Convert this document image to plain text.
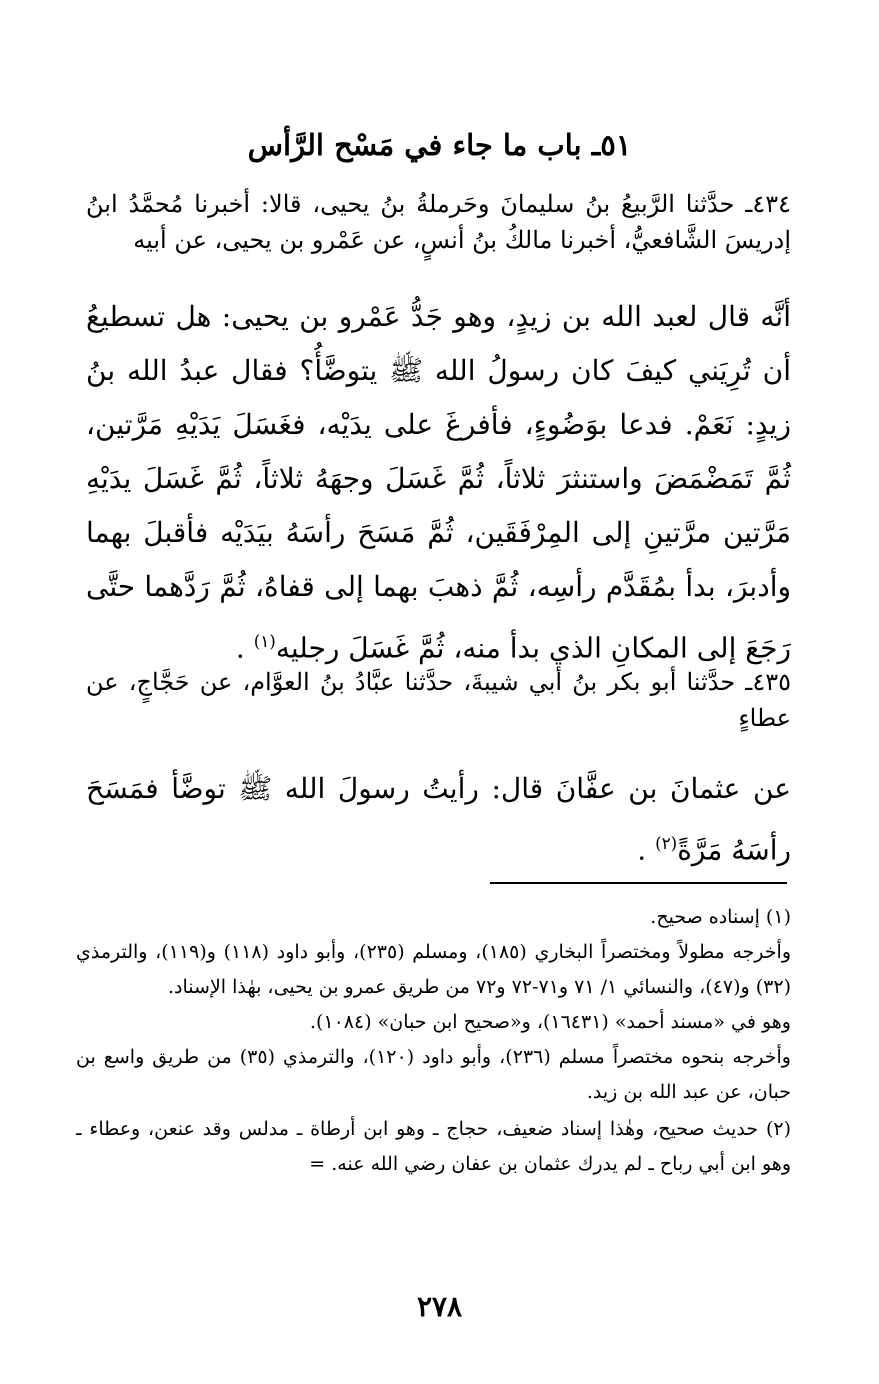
٥١ـ باب ما جاء في مَسْح الرَّأس
٤٣٤ـ حدَّثنا الرَّبيعُ بنُ سليمانَ وحَرملةُ بنُ يحيى، قالا: أخبرنا مُحمَّدُ ابنُ إدريسَ الشَّافعيُّ، أخبرنا مالكُ بنُ أنسٍ، عن عَمْرو بن يحيى، عن أبيه
أنَّه قال لعبد الله بن زيدٍ، وهو جَدُّ عَمْرو بن يحيى: هل تسطيعُ أن تُرِيَني كيفَ كان رسولُ الله ﷺ يتوضَّأُ؟ فقال عبدُ الله بنُ زيدٍ: نَعَمْ. فدعا بوَضُوءٍ، فأفرغَ على يدَيْه، فغَسَلَ يَدَيْهِ مَرَّتين، ثُمَّ تَمَضْمَضَ واستنثرَ ثلاثاً، ثُمَّ غَسَلَ وجهَهُ ثلاثاً، ثُمَّ غَسَلَ يدَيْهِ مَرَّتين مرَّتينِ إلى المِرْفَقَين، ثُمَّ مَسَحَ رأسَهُ بيَدَيْه فأقبلَ بهما وأدبرَ، بدأ بمُقَدَّم رأسِه، ثُمَّ ذهبَ بهما إلى قفاهُ، ثُمَّ رَدَّهما حتَّى رَجَعَ إلى المكانِ الذي بدأ منه، ثُمَّ غَسَلَ رجليه$^{(١)}$ .
٤٣٥ـ حدَّثنا أبو بكر بنُ أبي شيبةَ، حدَّثنا عبَّادُ بنُ العوَّام، عن حَجَّاجٍ، عن عطاءٍ
عن عثمانَ بن عفَّانَ قال: رأيتُ رسولَ الله ﷺ توضَّأ فمَسَحَ رأسَهُ مَرَّةً$^{(٢)}$ .
(١) إسناده صحيح.
وأخرجه مطولاً ومختصراً البخاري (١٨٥)، ومسلم (٢٣٥)، وأبو داود (١١٨) و(١١٩)، والترمذي (٣٢) و(٤٧)، والنسائي ١/ ٧١ و٧١-٧٢ و٧٢ من طريق عمرو بن يحيى، بهٰذا الإسناد.
وهو في «مسند أحمد» (١٦٤٣١)، و«صحيح ابن حبان» (١٠٨٤).
وأخرجه بنحوه مختصراً مسلم (٢٣٦)، وأبو داود (١٢٠)، والترمذي (٣٥) من طريق واسع بن حبان، عن عبد الله بن زيد.
(٢) حديث صحيح، وهٰذا إسناد ضعيف، حجاج ـ وهو ابن أرطاة ـ مدلس وقد عنعن، وعطاء ـ وهو ابن أبي رباح ـ لم يدرك عثمان بن عفان رضي الله عنه. =
٢٧٨
